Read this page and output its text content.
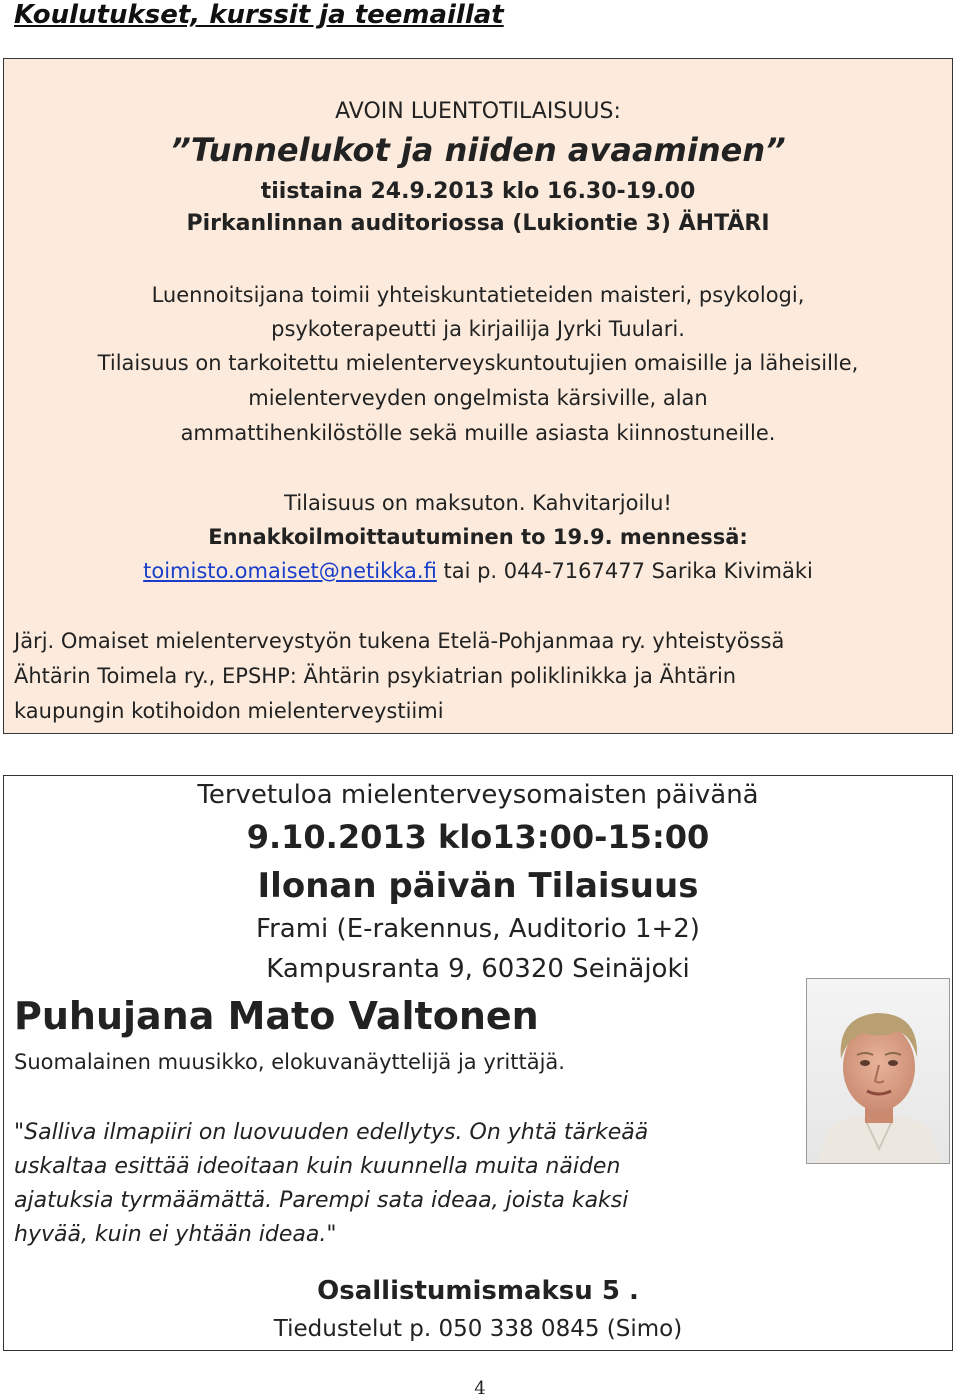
Koulutukset, kurssit ja teemaillat
AVOIN LUENTOTILAISUUS:
”Tunnelukot ja niiden avaaminen”
tiistaina 24.9.2013 klo 16.30-19.00
Pirkanlinnan auditoriossa (Lukiontie 3) ÄHTÄRI
Luennoitsijana toimii yhteiskuntatieteiden maisteri, psykologi,
psykoterapeutti ja kirjailija Jyrki Tuulari.
Tilaisuus on tarkoitettu mielenterveyskuntoutujien omaisille ja läheisille,
mielenterveyden ongelmista kärsiville, alan
ammattihenkilöstölle sekä muille asiasta kiinnostuneille.
Tilaisuus on maksuton. Kahvitarjoilu!
Ennakkoilmoittautuminen to 19.9. mennessä:
toimisto.omaiset@netikka.fi tai p. 044-7167477 Sarika Kivimäki
Järj. Omaiset mielenterveystyön tukena Etelä-Pohjanmaa ry. yhteistyössä
Ähtärin Toimela ry., EPSHP: Ähtärin psykiatrian poliklinikka ja Ähtärin
kaupungin kotihoidon mielenterveystiimi
Tervetuloa mielenterveysomaisten päivänä
9.10.2013 klo13:00-15:00
Ilonan päivän Tilaisuus
Frami (E-rakennus, Auditorio 1+2)
Kampusranta 9, 60320 Seinäjoki
Puhujana Mato Valtonen
Suomalainen muusikko, elokuvanäyttelijä ja yrittäjä.
"Salliva ilmapiiri on luovuuden edellytys. On yhtä tärkeää
uskaltaa esittää ideoitaan kuin kuunnella muita näiden
ajatuksia tyrmäämättä. Parempi sata ideaa, joista kaksi
hyvää, kuin ei yhtään ideaa."
Osallistumismaksu 5 .
Tiedustelut p. 050 338 0845 (Simo)
4
